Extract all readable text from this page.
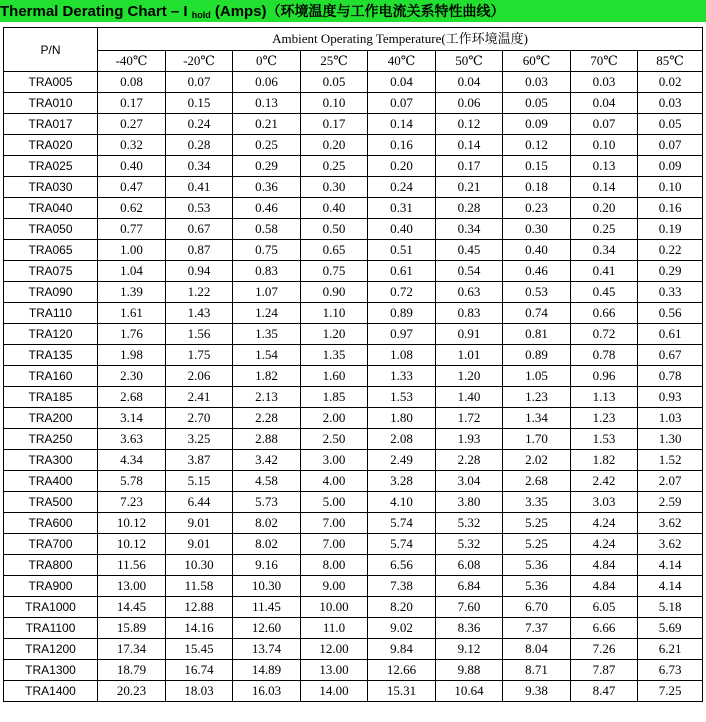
Thermal Derating Chart – I $_{hold}$ (Amps)（环境温度与工作电流关系特性曲线）
P/N	Ambient Operating Temperature(工作环境温度)								
	-40℃	-20℃	0℃	25℃	40℃	50℃	60℃	70℃	85℃
TRA005	0.08	0.07	0.06	0.05	0.04	0.04	0.03	0.03	0.02
TRA010	0.17	0.15	0.13	0.10	0.07	0.06	0.05	0.04	0.03
TRA017	0.27	0.24	0.21	0.17	0.14	0.12	0.09	0.07	0.05
TRA020	0.32	0.28	0.25	0.20	0.16	0.14	0.12	0.10	0.07
TRA025	0.40	0.34	0.29	0.25	0.20	0.17	0.15	0.13	0.09
TRA030	0.47	0.41	0.36	0.30	0.24	0.21	0.18	0.14	0.10
TRA040	0.62	0.53	0.46	0.40	0.31	0.28	0.23	0.20	0.16
TRA050	0.77	0.67	0.58	0.50	0.40	0.34	0.30	0.25	0.19
TRA065	1.00	0.87	0.75	0.65	0.51	0.45	0.40	0.34	0.22
TRA075	1.04	0.94	0.83	0.75	0.61	0.54	0.46	0.41	0.29
TRA090	1.39	1.22	1.07	0.90	0.72	0.63	0.53	0.45	0.33
TRA110	1.61	1.43	1.24	1.10	0.89	0.83	0.74	0.66	0.56
TRA120	1.76	1.56	1.35	1.20	0.97	0.91	0.81	0.72	0.61
TRA135	1.98	1.75	1.54	1.35	1.08	1.01	0.89	0.78	0.67
TRA160	2.30	2.06	1.82	1.60	1.33	1.20	1.05	0.96	0.78
TRA185	2.68	2.41	2.13	1.85	1.53	1.40	1.23	1.13	0.93
TRA200	3.14	2.70	2.28	2.00	1.80	1.72	1.34	1.23	1.03
TRA250	3.63	3.25	2.88	2.50	2.08	1.93	1.70	1.53	1.30
TRA300	4.34	3.87	3.42	3.00	2.49	2.28	2.02	1.82	1.52
TRA400	5.78	5.15	4.58	4.00	3.28	3.04	2.68	2.42	2.07
TRA500	7.23	6.44	5.73	5.00	4.10	3.80	3.35	3.03	2.59
TRA600	10.12	9.01	8.02	7.00	5.74	5.32	5.25	4.24	3.62
TRA700	10.12	9.01	8.02	7.00	5.74	5.32	5.25	4.24	3.62
TRA800	11.56	10.30	9.16	8.00	6.56	6.08	5.36	4.84	4.14
TRA900	13.00	11.58	10.30	9.00	7.38	6.84	5.36	4.84	4.14
TRA1000	14.45	12.88	11.45	10.00	8.20	7.60	6.70	6.05	5.18
TRA1100	15.89	14.16	12.60	11.0	9.02	8.36	7.37	6.66	5.69
TRA1200	17.34	15.45	13.74	12.00	9.84	9.12	8.04	7.26	6.21
TRA1300	18.79	16.74	14.89	13.00	12.66	9.88	8.71	7.87	6.73
TRA1400	20.23	18.03	16.03	14.00	15.31	10.64	9.38	8.47	7.25
